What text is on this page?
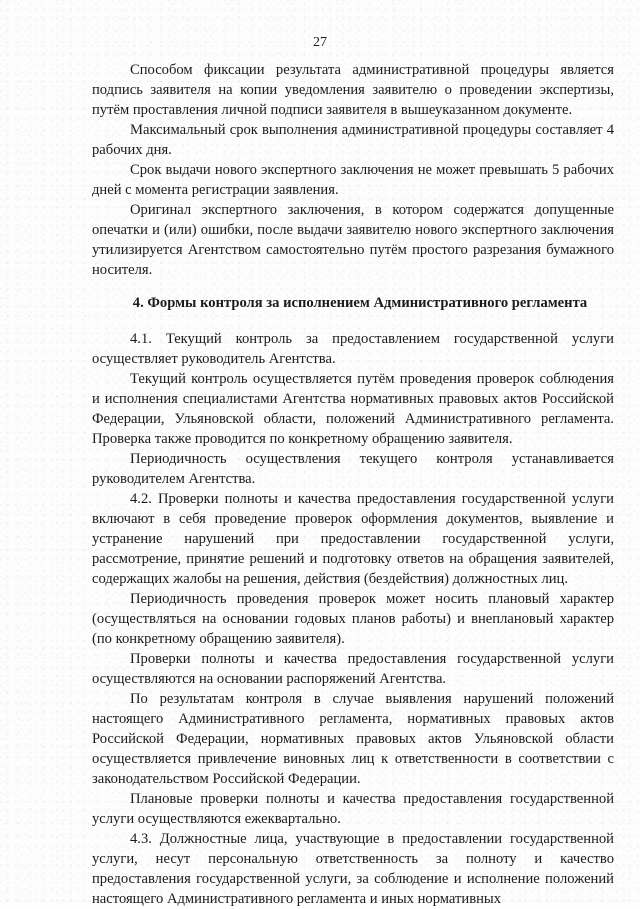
27

Способом фиксации результата административной процедуры является подпись заявителя на копии уведомления заявителю о проведении экспертизы, путём проставления личной подписи заявителя в вышеуказанном документе.

Максимальный срок выполнения административной процедуры составляет 4 рабочих дня.

Срок выдачи нового экспертного заключения не может превышать 5 рабочих дней с момента регистрации заявления.

Оригинал экспертного заключения, в котором содержатся допущенные опечатки и (или) ошибки, после выдачи заявителю нового экспертного заключения утилизируется Агентством самостоятельно путём простого разрезания бумажного носителя.

4. Формы контроля за исполнением Административного регламента

4.1. Текущий контроль за предоставлением государственной услуги осуществляет руководитель Агентства.

Текущий контроль осуществляется путём проведения проверок соблюдения и исполнения специалистами Агентства нормативных правовых актов Российской Федерации, Ульяновской области, положений Административного регламента. Проверка также проводится по конкретному обращению заявителя.

Периодичность осуществления текущего контроля устанавливается руководителем Агентства.

4.2. Проверки полноты и качества предоставления государственной услуги включают в себя проведение проверок оформления документов, выявление и устранение нарушений при предоставлении государственной услуги, рассмотрение, принятие решений и подготовку ответов на обращения заявителей, содержащих жалобы на решения, действия (бездействия) должностных лиц.

Периодичность проведения проверок может носить плановый характер (осуществляться на основании годовых планов работы) и внеплановый характер (по конкретному обращению заявителя).

Проверки полноты и качества предоставления государственной услуги осуществляются на основании распоряжений Агентства.

По результатам контроля в случае выявления нарушений положений настоящего Административного регламента, нормативных правовых актов Российской Федерации, нормативных правовых актов Ульяновской области осуществляется привлечение виновных лиц к ответственности в соответствии с законодательством Российской Федерации.

Плановые проверки полноты и качества предоставления государственной услуги осуществляются ежеквартально.

4.3. Должностные лица, участвующие в предоставлении государственной услуги, несут персональную ответственность за полноту и качество предоставления государственной услуги, за соблюдение и исполнение положений настоящего Административного регламента и иных нормативных
